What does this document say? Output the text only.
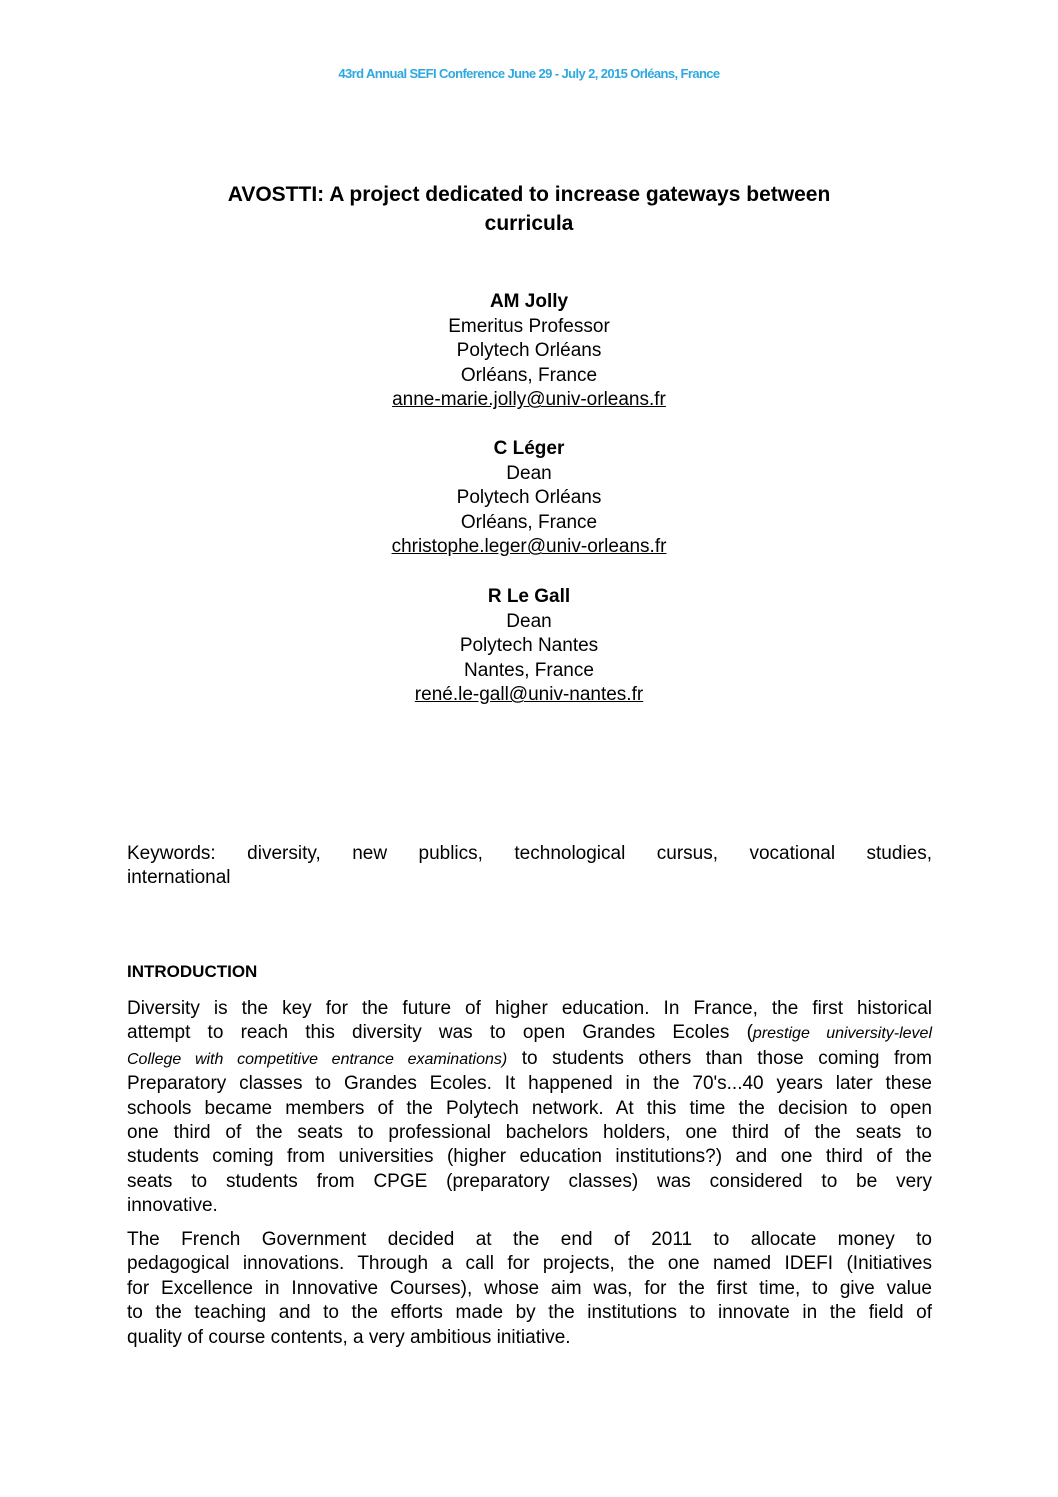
43rd Annual SEFI Conference June 29 - July 2, 2015 Orléans, France
AVOSTTI: A project dedicated to increase gateways between
curricula
AM Jolly
Emeritus Professor
Polytech Orléans
Orléans, France
anne-marie.jolly@univ-orleans.fr
C Léger
Dean
Polytech Orléans
Orléans, France
christophe.leger@univ-orleans.fr
R Le Gall
Dean
Polytech Nantes
Nantes, France
rené.le-gall@univ-nantes.fr
Keywords: diversity, new publics, technological cursus, vocational studies,
international
INTRODUCTION
Diversity is the key for the future of higher education. In France, the first historical
attempt to reach this diversity was to open Grandes Ecoles (prestige university-level
College with competitive entrance examinations) to students others than those coming from
Preparatory classes to Grandes Ecoles. It happened in the 70's...40 years later these
schools became members of the Polytech network. At this time the decision to open
one third of the seats to professional bachelors holders, one third of the seats to
students coming from universities (higher education institutions?) and one third of the
seats to students from CPGE (preparatory classes) was considered to be very
innovative.
The French Government decided at the end of 2011 to allocate money to
pedagogical innovations. Through a call for projects, the one named IDEFI (Initiatives
for Excellence in Innovative Courses), whose aim was, for the first time, to give value
to the teaching and to the efforts made by the institutions to innovate in the field of
quality of course contents, a very ambitious initiative.
